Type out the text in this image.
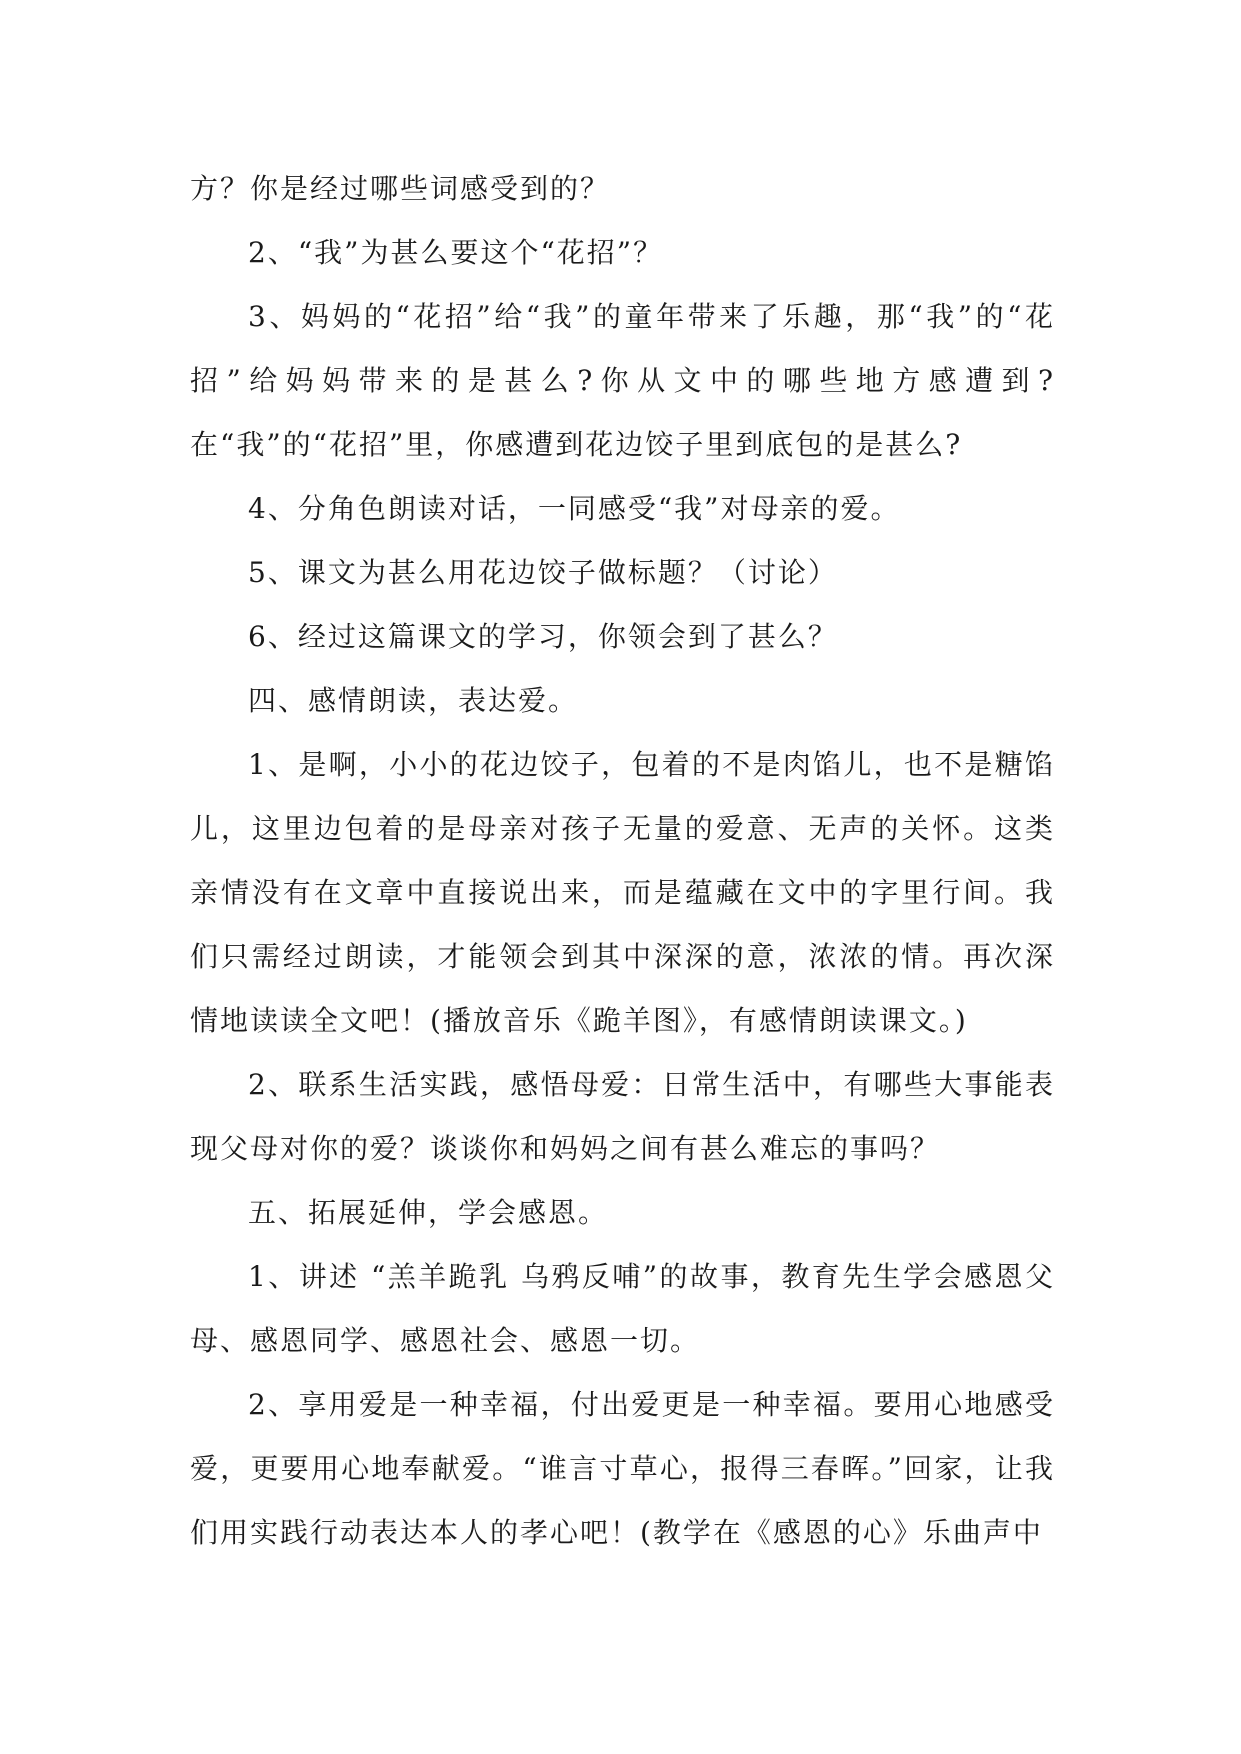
方？你是经过哪些词感受到的？

2、“我”为甚么要这个“花招”？

3、妈妈的“花招”给“我”的童年带来了乐趣，那“我”的“花招”给妈妈带来的是甚么?你从文中的哪些地方感遭到? 在“我”的“花招”里，你感遭到花边饺子里到底包的是甚么?

4、分角色朗读对话，一同感受“我”对母亲的爱。

5、课文为甚么用花边饺子做标题？（讨论）

6、经过这篇课文的学习，你领会到了甚么？

四、感情朗读，表达爱。

1、是啊，小小的花边饺子，包着的不是肉馅儿，也不是糖馅儿，这里边包着的是母亲对孩子无量的爱意、无声的关怀。这类亲情没有在文章中直接说出来，而是蕴藏在文中的字里行间。我们只需经过朗读，才能领会到其中深深的意，浓浓的情。再次深情地读读全文吧！(播放音乐《跪羊图》，有感情朗读课文。)

2、联系生活实践，感悟母爱：日常生活中，有哪些大事能表现父母对你的爱？谈谈你和妈妈之间有甚么难忘的事吗？

五、拓展延伸，学会感恩。

1、讲述 “羔羊跪乳 乌鸦反哺”的故事，教育先生学会感恩父母、感恩同学、感恩社会、感恩一切。

2、享用爱是一种幸福，付出爱更是一种幸福。要用心地感受爱，更要用心地奉献爱。“谁言寸草心，报得三春晖。”回家，让我们用实践行动表达本人的孝心吧！(教学在《感恩的心》乐曲声中
